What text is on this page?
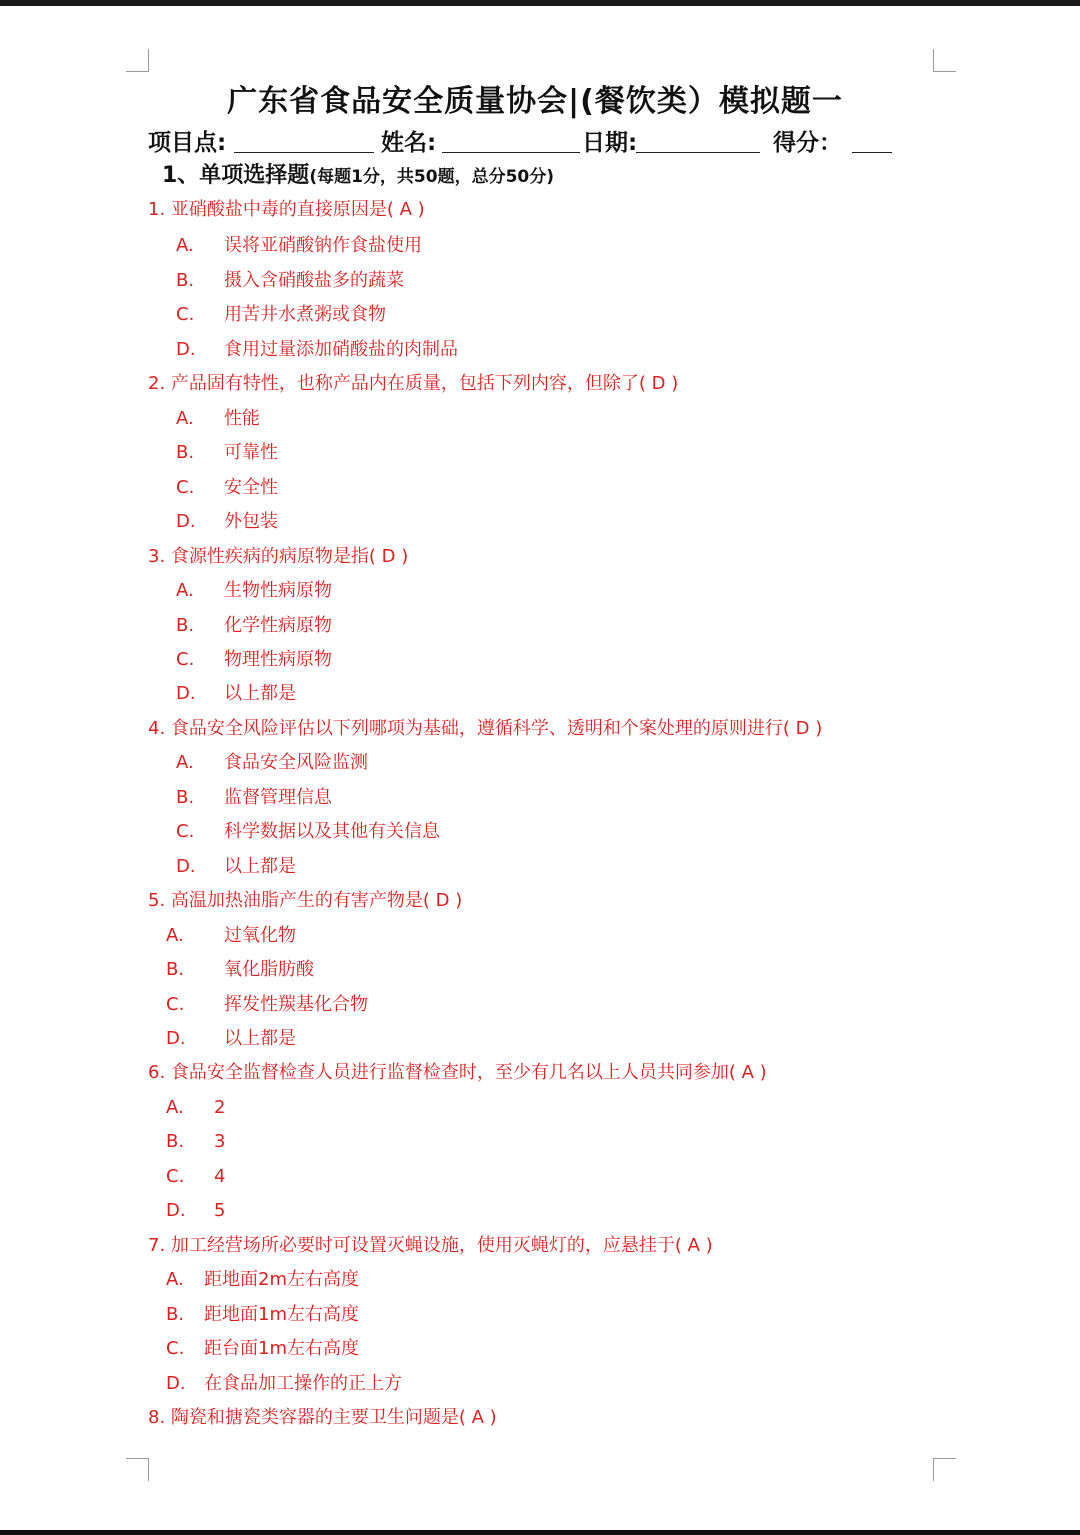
广东省食品安全质量协会|(餐饮类）模拟题一
项目点:	姓名:	日期:	得分：
1、单项选择题(每题1分，共50题，总分50分)
1. 亚硝酸盐中毒的直接原因是( A )
A. 误将亚硝酸钠作食盐使用
B. 摄入含硝酸盐多的蔬菜
C. 用苦井水煮粥或食物
D. 食用过量添加硝酸盐的肉制品
2. 产品固有特性，也称产品内在质量，包括下列内容，但除了( D )
A. 性能
B. 可靠性
C. 安全性
D. 外包装
3. 食源性疾病的病原物是指( D )
A. 生物性病原物
B. 化学性病原物
C. 物理性病原物
D. 以上都是
4. 食品安全风险评估以下列哪项为基础，遵循科学、透明和个案处理的原则进行( D )
A. 食品安全风险监测
B. 监督管理信息
C. 科学数据以及其他有关信息
D. 以上都是
5. 高温加热油脂产生的有害产物是( D )
A. 过氧化物
B. 氧化脂肪酸
C. 挥发性羰基化合物
D. 以上都是
6. 食品安全监督检查人员进行监督检查时，至少有几名以上人员共同参加( A )
A. 2
B. 3
C. 4
D. 5
7. 加工经营场所必要时可设置灭蝇设施，使用灭蝇灯的，应悬挂于( A )
A. 距地面2m左右高度
B. 距地面1m左右高度
C. 距台面1m左右高度
D. 在食品加工操作的正上方
8. 陶瓷和搪瓷类容器的主要卫生问题是( A )
